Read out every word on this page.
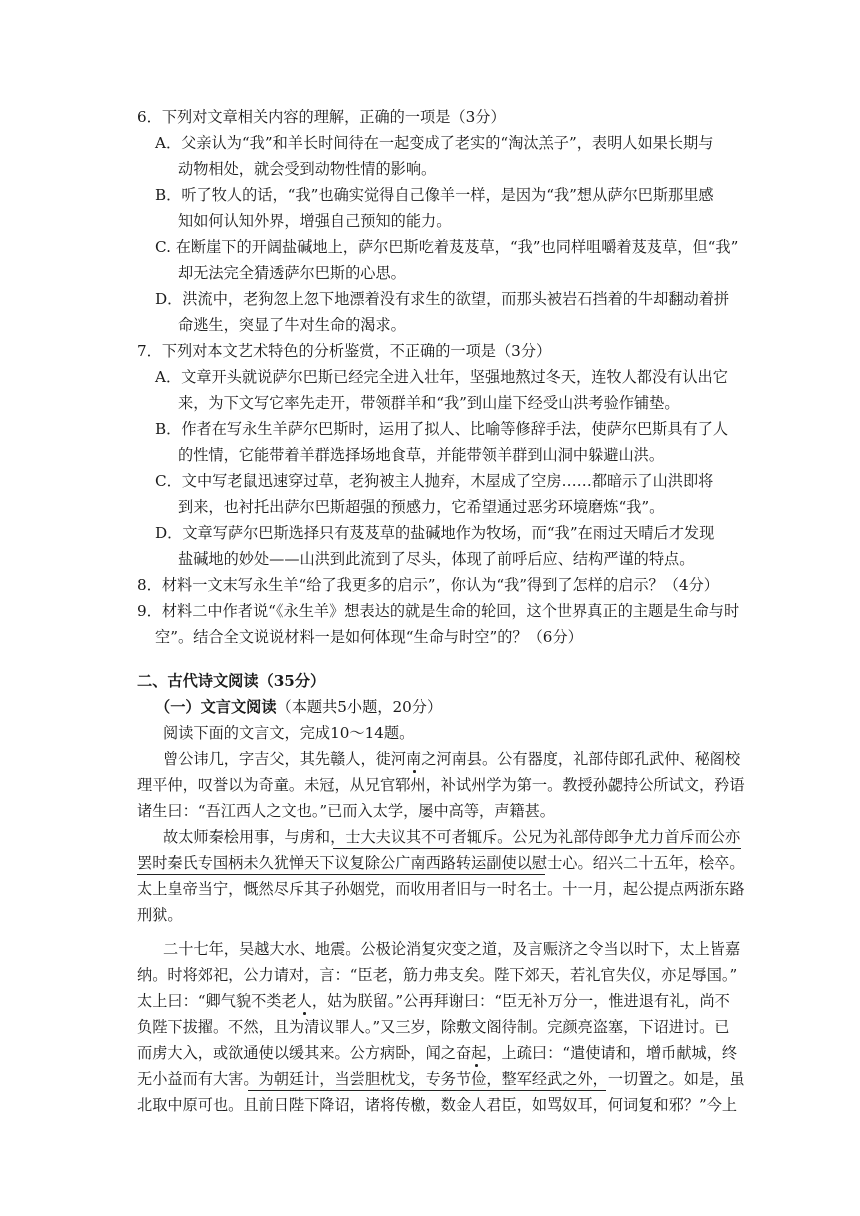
6．下列对文章相关内容的理解，正确的一项是（3分）
A．父亲认为“我”和羊长时间待在一起变成了老实的“淘汰羔子”，表明人如果长期与
动物相处，就会受到动物性情的影响。
B．听了牧人的话，“我”也确实觉得自己像羊一样，是因为“我”想从萨尔巴斯那里感
知如何认知外界，增强自己预知的能力。
C. 在断崖下的开阔盐碱地上，萨尔巴斯吃着芨芨草，“我”也同样咀嚼着芨芨草，但“我”
却无法完全猜透萨尔巴斯的心思。
D．洪流中，老狗忽上忽下地漂着没有求生的欲望，而那头被岩石挡着的牛却翻动着拼
命逃生，突显了牛对生命的渴求。
7．下列对本文艺术特色的分析鉴赏，不正确的一项是（3分）
A．文章开头就说萨尔巴斯已经完全进入壮年，坚强地熬过冬天，连牧人都没有认出它
来，为下文写它率先走开，带领群羊和“我”到山崖下经受山洪考验作铺垫。
B．作者在写永生羊萨尔巴斯时，运用了拟人、比喻等修辞手法，使萨尔巴斯具有了人
的性情，它能带着羊群选择场地食草，并能带领羊群到山洞中躲避山洪。
C．文中写老鼠迅速穿过草，老狗被主人抛弃，木屋成了空房……都暗示了山洪即将
到来，也衬托出萨尔巴斯超强的预感力，它希望通过恶劣环境磨炼“我”。
D．文章写萨尔巴斯选择只有芨芨草的盐碱地作为牧场，而“我”在雨过天晴后才发现
盐碱地的妙处——山洪到此流到了尽头，体现了前呼后应、结构严谨的特点。
8．材料一文末写永生羊“给了我更多的启示”，你认为“我”得到了怎样的启示？（4分）
9．材料二中作者说“《永生羊》想表达的就是生命的轮回，这个世界真正的主题是生命与时
空”。结合全文说说材料一是如何体现“生命与时空”的？（6分）
二、古代诗文阅读（35分）
（一）文言文阅读（本题共5小题，20分）
阅读下面的文言文，完成10～14题。
曾公讳几，字吉父，其先赣人，徙河南之河南县。公有器度，礼部侍郎孔武仲、秘阁校
理平仲，叹誉以为奇童。未冠，从兄官郓州，补试州学为第一。教授孙勰持公所试文，矜语
诸生曰：“吾江西人之文也。”已而入太学，屡中高等，声籍甚。
故太师秦桧用事，与虏和，士大夫议其不可者辄斥。公兄为礼部侍郎争尤力首斥而公亦
罢时秦氏专国柄未久犹惮天下议复除公广南西路转运副使以慰士心。绍兴二十五年，桧卒。
太上皇帝当宁，慨然尽斥其子孙姻党，而收用者旧与一时名士。十一月，起公提点两浙东路
刑狱。
二十七年，吴越大水、地震。公极论消复灾变之道，及言赈济之令当以时下，太上皆嘉
纳。时将郊祀，公力请对，言：“臣老，筋力弗支矣。陛下郊天，若礼官失仪，亦足辱国。”
太上曰：“卿气貌不类老人，姑为朕留。”公再拜谢曰：“臣无补万分一，惟进退有礼，尚不
负陛下拔擢。不然，且为清议罪人。”又三岁，除敷文阁待制。完颜亮盗塞，下诏进讨。已
而虏大入，或欲通使以缓其来。公方病卧，闻之奋起，上疏曰：“遣使请和，增币献城，终
无小益而有大害。为朝廷计，当尝胆枕戈，专务节俭，整军经武之外，一切置之。如是，虽
北取中原可也。且前日陛下降诏，诸将传檄，数金人君臣，如骂奴耳，何词复和邪？”今上
